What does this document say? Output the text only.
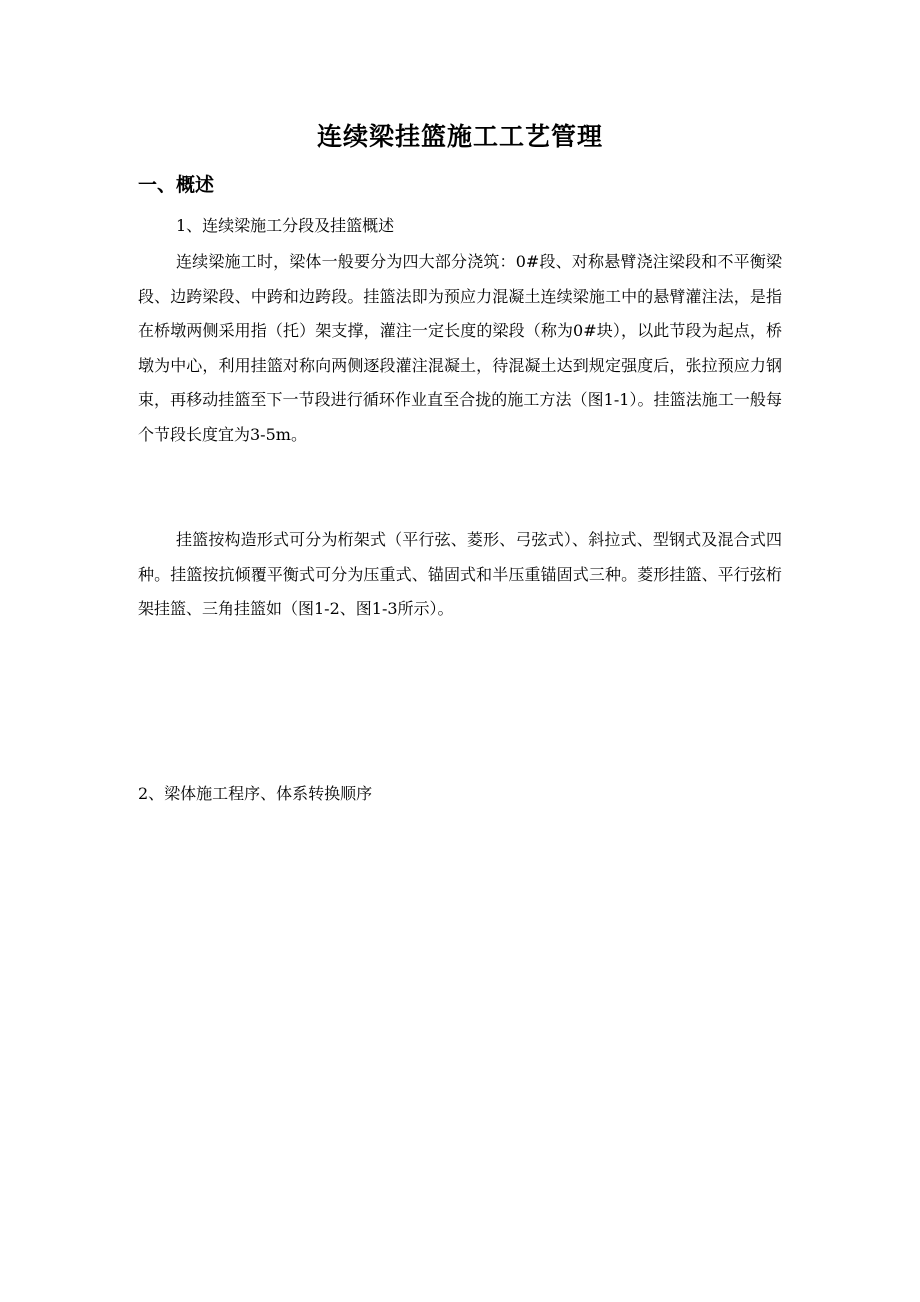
连续梁挂篮施工工艺管理
一、概述
1、连续梁施工分段及挂篮概述
连续梁施工时，梁体一般要分为四大部分浇筑：0#段、对称悬臂浇注梁段和不平衡梁段、边跨梁段、中跨和边跨段。挂篮法即为预应力混凝土连续梁施工中的悬臂灌注法，是指在桥墩两侧采用指（托）架支撑，灌注一定长度的梁段（称为0#块），以此节段为起点，桥墩为中心，利用挂篮对称向两侧逐段灌注混凝土，待混凝土达到规定强度后，张拉预应力钢束，再移动挂篮至下一节段进行循环作业直至合拢的施工方法（图1-1）。挂篮法施工一般每个节段长度宜为3-5m。
挂篮按构造形式可分为桁架式（平行弦、菱形、弓弦式）、斜拉式、型钢式及混合式四种。挂篮按抗倾覆平衡式可分为压重式、锚固式和半压重锚固式三种。菱形挂篮、平行弦桁架挂篮、三角挂篮如（图1-2、图1-3所示）。
2、梁体施工程序、体系转换顺序
